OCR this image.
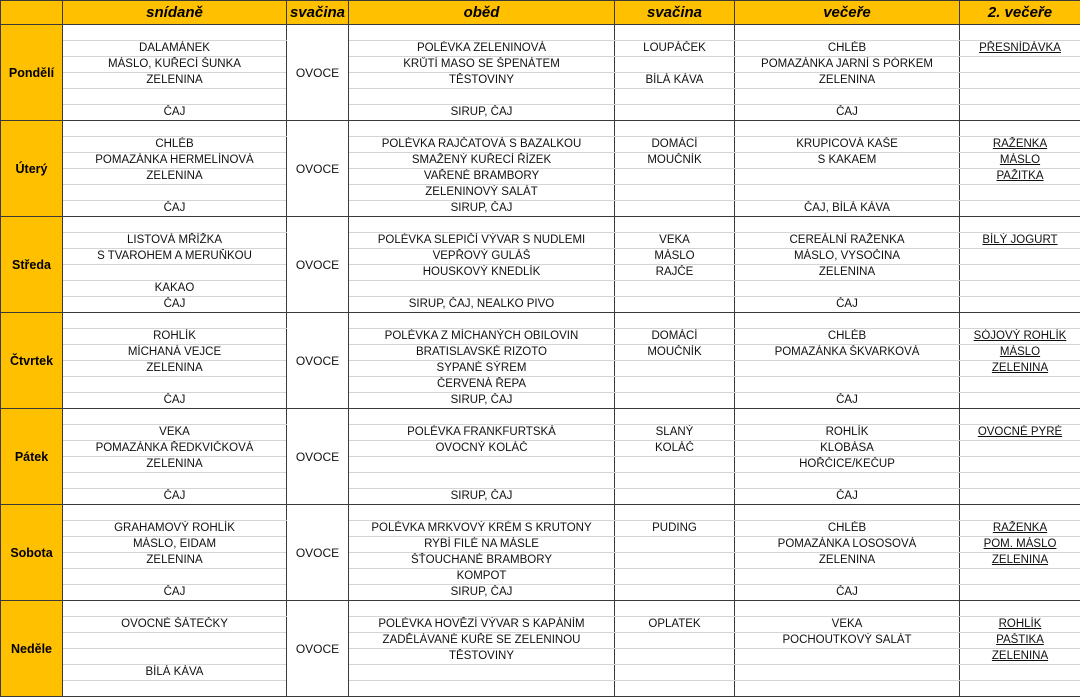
	snídaně	svačina	oběd	svačina	večeře	2. večeře
Pondělí		OVOCE				
	DALAMÁNEK		POLÉVKA ZELENINOVÁ	LOUPÁČEK	CHLÉB	PŘESNÍDÁVKA
	MÁSLO, KUŘECÍ ŠUNKA		KRŮTÍ MASO SE ŠPENÁTEM		POMAZÁNKA JARNÍ S PÓRKEM	
	ZELENINA		TĚSTOVINY	BÍLÁ KÁVA	ZELENINA	

	ČAJ		SIRUP, ČAJ		ČAJ	
Úterý		OVOCE				
	CHLÉB		POLÉVKA RAJČATOVÁ S BAZALKOU	DOMÁCÍ	KRUPICOVÁ KAŠE	RAŽENKA
	POMAZÁNKA HERMELÍNOVÁ		SMAŽENÝ KUŘECÍ ŘÍZEK	MOUČNÍK	S KAKAEM	MÁSLO
	ZELENINA		VAŘENÉ BRAMBORY			PAŽITKA
			ZELENINOVÝ SALÁT			
	ČAJ		SIRUP, ČAJ		ČAJ, BÍLÁ KÁVA	
Středa		OVOCE				
	LISTOVÁ MŘÍŽKA		POLÉVKA SLEPIČÍ VÝVAR S NUDLEMI	VEKA	CEREÁLNÍ RAŽENKA	BÍLÝ JOGURT
	S TVAROHEM A MERUŇKOU		VEPŘOVÝ GULÁŠ	MÁSLO	MÁSLO, VYSOČINA	
			HOUSKOVÝ KNEDLÍK	RAJČE	ZELENINA	
	KAKAO					
	ČAJ		SIRUP, ČAJ, NEALKO PIVO		ČAJ	
Čtvrtek		OVOCE				
	ROHLÍK		POLÉVKA Z MÍCHANÝCH OBILOVIN	DOMÁCÍ	CHLÉB	SÓJOVÝ ROHLÍK
	MÍCHANÁ VEJCE		BRATISLAVSKÉ RIZOTO	MOUČNÍK	POMAZÁNKA ŠKVARKOVÁ	MÁSLO
	ZELENINA		SYPANÉ SÝREM			ZELENINA
			ČERVENÁ ŘEPA			
	ČAJ		SIRUP, ČAJ		ČAJ	
Pátek		OVOCE				
	VEKA		POLÉVKA FRANKFURTSKÁ	SLANÝ	ROHLÍK	OVOCNÉ PYRÉ
	POMAZÁNKA ŘEDKVIČKOVÁ		OVOCNÝ KOLÁČ	KOLÁČ	KLOBÁSA	
	ZELENINA				HOŘČICE/KEČUP	

	ČAJ		SIRUP, ČAJ		ČAJ	
Sobota		OVOCE				
	GRAHAMOVÝ ROHLÍK		POLÉVKA MRKVOVÝ KRÉM S KRUTONY	PUDING	CHLÉB	RAŽENKA
	MÁSLO, EIDAM		RYBÍ FILÉ NA MÁSLE		POMAZÁNKA LOSOSOVÁ	POM. MÁSLO
	ZELENINA		ŠŤOUCHANÉ BRAMBORY		ZELENINA	ZELENINA
			KOMPOT			
	ČAJ		SIRUP, ČAJ		ČAJ	
Neděle		OVOCE				
	OVOCNÉ ŠÁTEČKY		POLÉVKA HOVĚZÍ VÝVAR S KAPÁNÍM	OPLATEK	VEKA	ROHLÍK
			ZADĚLÁVANÉ KUŘE SE ZELENINOU		POCHOUTKOVÝ SALÁT	PAŠTIKA
			TĚSTOVINY			ZELENINA
	BÍLÁ KÁVA					
